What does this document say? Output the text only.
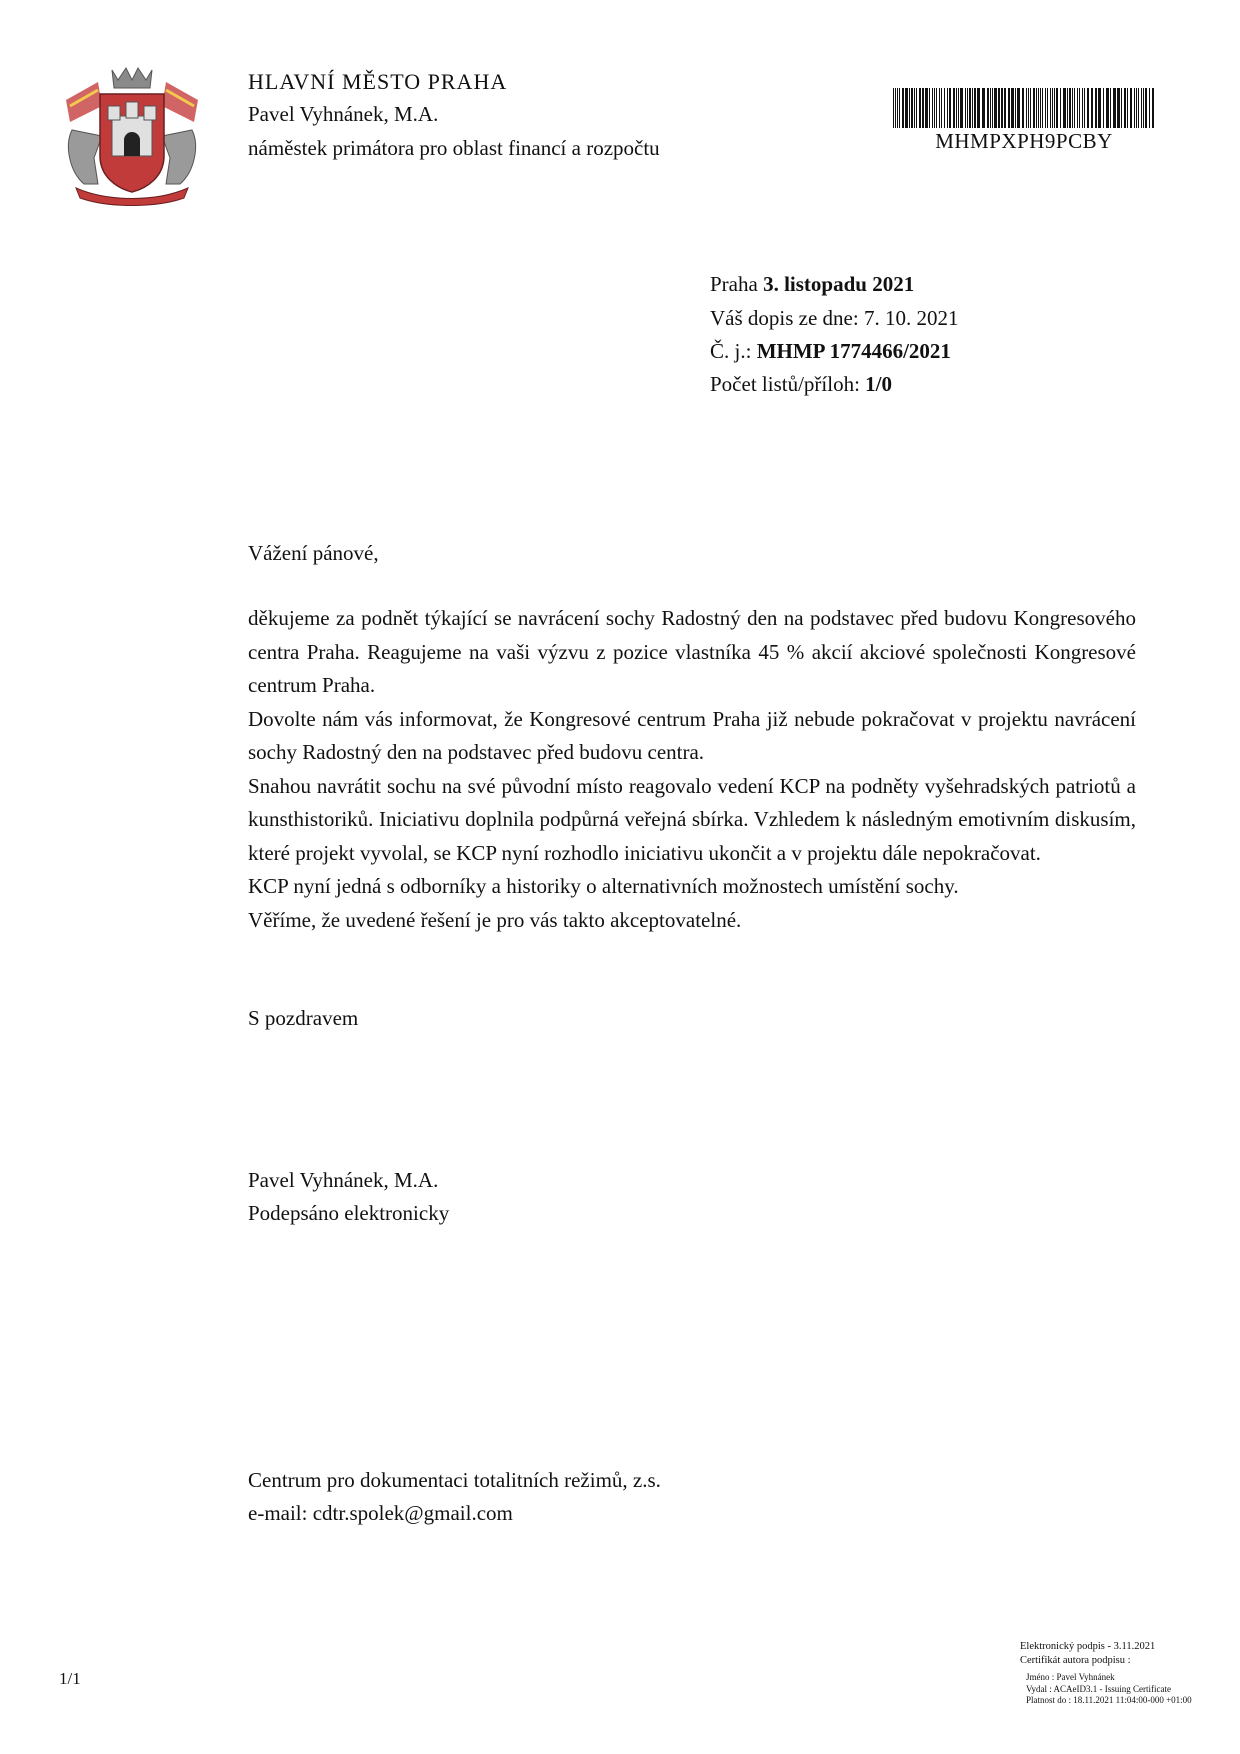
HLAVNÍ MĚSTO PRAHA
Pavel Vyhnánek, M.A.
náměstek primátora pro oblast financí a rozpočtu	MHMPXPH9PCBY
Praha 3. listopadu 2021
Váš dopis ze dne: 7. 10. 2021
Č. j.: MHMP 1774466/2021
Počet listů/příloh: 1/0
Vážení pánové,

děkujeme za podnět týkající se navrácení sochy Radostný den na podstavec před budovu Kongresového centra Praha. Reagujeme na vaši výzvu z pozice vlastníka 45 % akcií akciové společnosti Kongresové centrum Praha.

Dovolte nám vás informovat, že Kongresové centrum Praha již nebude pokračovat v projektu navrácení sochy Radostný den na podstavec před budovu centra.

Snahou navrátit sochu na své původní místo reagovalo vedení KCP na podněty vyšehradských patriotů a kunsthistoriků. Iniciativu doplnila podpůrná veřejná sbírka. Vzhledem k následným emotivním diskusím, které projekt vyvolal, se KCP nyní rozhodlo iniciativu ukončit a v projektu dále nepokračovat.

KCP nyní jedná s odborníky a historiky o alternativních možnostech umístění sochy.

Věříme, že uvedené řešení je pro vás takto akceptovatelné.

S pozdravem
Pavel Vyhnánek, M.A.
Podepsáno elektronicky
Centrum pro dokumentaci totalitních režimů, z.s.
e-mail: cdtr.spolek@gmail.com
1/1
Elektronický podpis - 3.11.2021
Certifikát autora podpisu :
Jméno : Pavel Vyhnánek
Vydal : ACAeID3.1 - Issuing Certificate
Platnost do : 18.11.2021 11:04:00-000 +01:00
